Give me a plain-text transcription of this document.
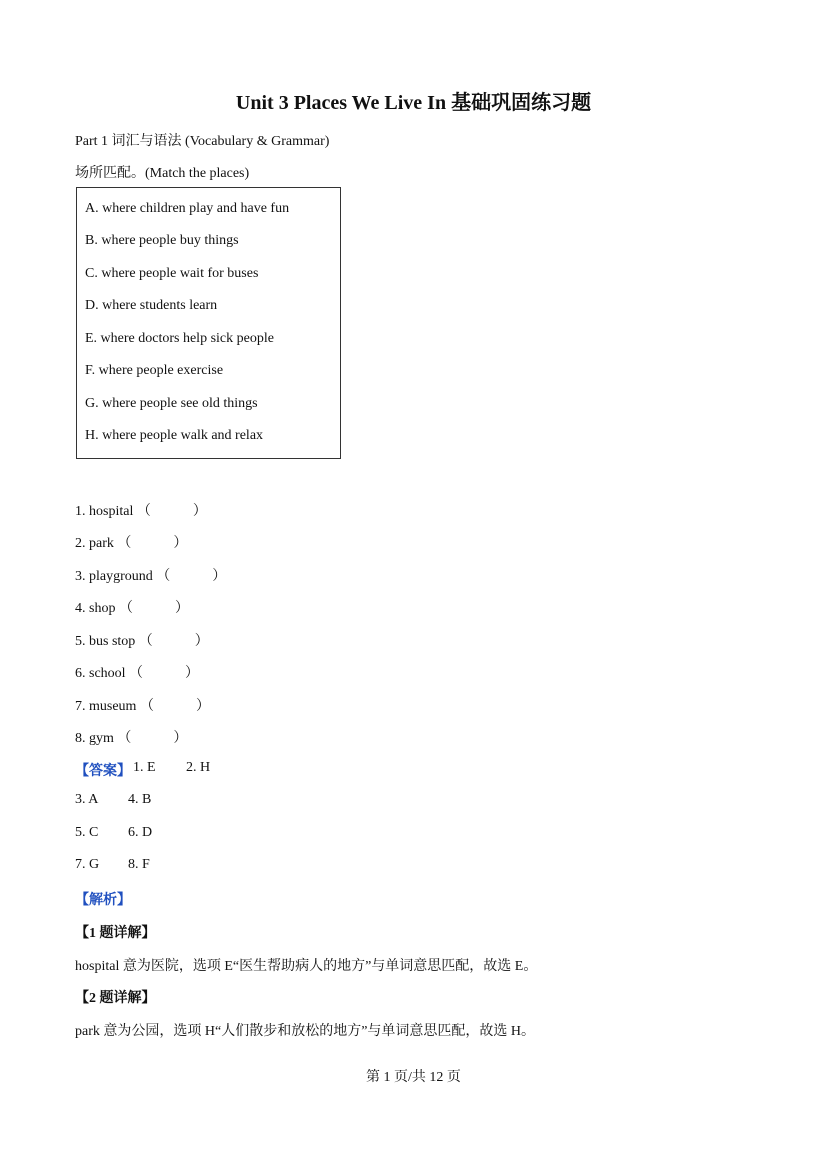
Unit 3 Places We Live In 基础巩固练习题
Part 1 词汇与语法 (Vocabulary & Grammar)
场所匹配。(Match the places)
A. where children play and have fun
B. where people buy things
C. where people wait for buses
D. where students learn
E. where doctors help sick people
F. where people exercise
G. where people see old things
H. where people walk and relax
1. hospital （　　　）
2. park （　　　）
3. playground （　　　）
4. shop （　　　）
5. bus stop （　　　）
6. school （　　　）
7. museum （　　　）
8. gym （　　　）
【答案】 1. E 2. H
3. A 4. B
5. C 6. D
7. G 8. F
【解析】
【1 题详解】
hospital 意为医院，选项 E“医生帮助病人的地方”与单词意思匹配，故选 E。
【2 题详解】
park 意为公园，选项 H“人们散步和放松的地方”与单词意思匹配，故选 H。
第 1 页/共 12 页
